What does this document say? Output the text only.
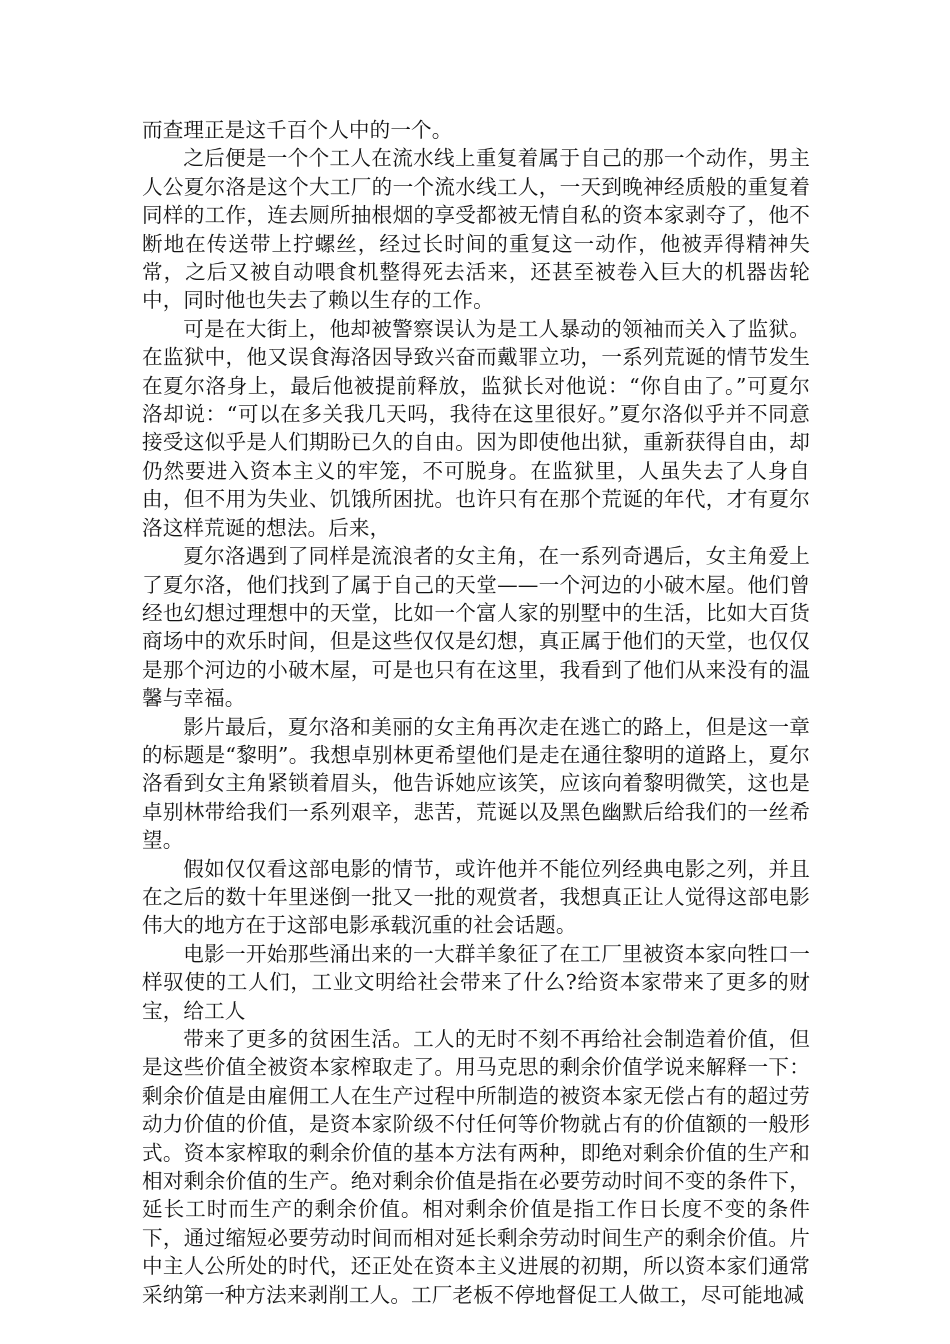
而查理正是这千百个人中的一个。

之后便是一个个工人在流水线上重复着属于自己的那一个动作，男主人公夏尔洛是这个大工厂的一个流水线工人，一天到晚神经质般的重复着同样的工作，连去厕所抽根烟的享受都被无情自私的资本家剥夺了，他不断地在传送带上拧螺丝，经过长时间的重复这一动作，他被弄得精神失常，之后又被自动喂食机整得死去活来，还甚至被卷入巨大的机器齿轮中，同时他也失去了赖以生存的工作。

可是在大街上，他却被警察误认为是工人暴动的领袖而关入了监狱。在监狱中，他又误食海洛因导致兴奋而戴罪立功，一系列荒诞的情节发生在夏尔洛身上，最后他被提前释放，监狱长对他说：“你自由了。”可夏尔洛却说：“可以在多关我几天吗，我待在这里很好。”夏尔洛似乎并不同意接受这似乎是人们期盼已久的自由。因为即使他出狱，重新获得自由，却仍然要进入资本主义的牢笼，不可脱身。在监狱里，人虽失去了人身自由，但不用为失业、饥饿所困扰。也许只有在那个荒诞的年代，才有夏尔洛这样荒诞的想法。后来，

夏尔洛遇到了同样是流浪者的女主角，在一系列奇遇后，女主角爱上了夏尔洛，他们找到了属于自己的天堂——一个河边的小破木屋。他们曾经也幻想过理想中的天堂，比如一个富人家的别墅中的生活，比如大百货商场中的欢乐时间，但是这些仅仅是幻想，真正属于他们的天堂，也仅仅是那个河边的小破木屋，可是也只有在这里，我看到了他们从来没有的温馨与幸福。

影片最后，夏尔洛和美丽的女主角再次走在逃亡的路上，但是这一章的标题是“黎明”。我想卓别林更希望他们是走在通往黎明的道路上，夏尔洛看到女主角紧锁着眉头，他告诉她应该笑，应该向着黎明微笑，这也是卓别林带给我们一系列艰辛，悲苦，荒诞以及黑色幽默后给我们的一丝希望。

假如仅仅看这部电影的情节，或许他并不能位列经典电影之列，并且在之后的数十年里迷倒一批又一批的观赏者，我想真正让人觉得这部电影伟大的地方在于这部电影承载沉重的社会话题。

电影一开始那些涌出来的一大群羊象征了在工厂里被资本家向牲口一样驭使的工人们，工业文明给社会带来了什么?给资本家带来了更多的财宝，给工人

带来了更多的贫困生活。工人的无时不刻不再给社会制造着价值，但是这些价值全被资本家榨取走了。用马克思的剩余价值学说来解释一下：剩余价值是由雇佣工人在生产过程中所制造的被资本家无偿占有的超过劳动力价值的价值，是资本家阶级不付任何等价物就占有的价值额的一般形式。资本家榨取的剩余价值的基本方法有两种，即绝对剩余价值的生产和相对剩余价值的生产。绝对剩余价值是指在必要劳动时间不变的条件下，延长工时而生产的剩余价值。相对剩余价值是指工作日长度不变的条件下，通过缩短必要劳动时间而相对延长剩余劳动时间生产的剩余价值。片中主人公所处的时代，还正处在资本主义进展的初期，所以资本家们通常采纳第一种方法来剥削工人。工厂老板不停地督促工人做工，尽可能地减
